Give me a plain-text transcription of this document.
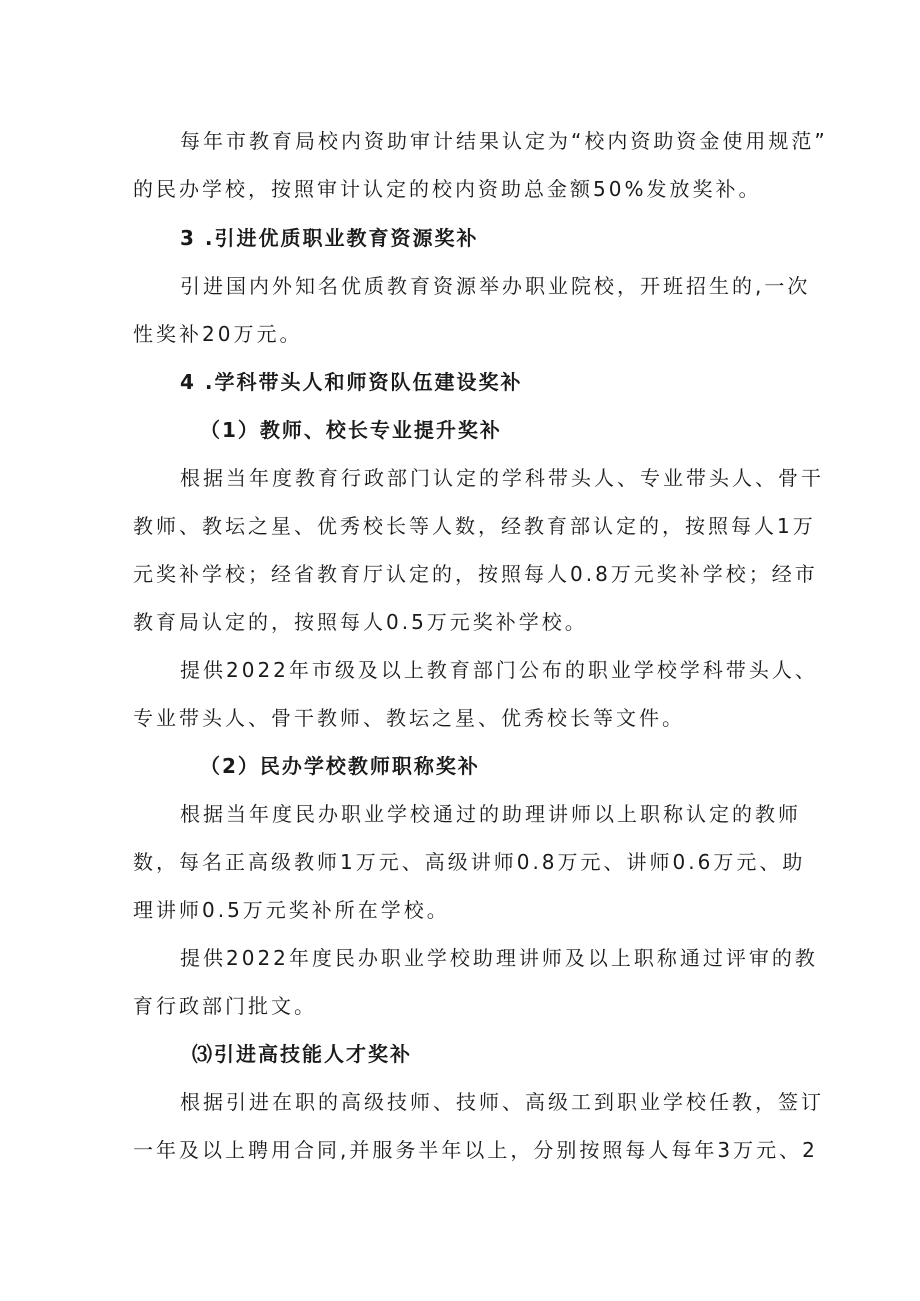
每年市教育局校内资助审计结果认定为“校内资助资金使用规范”
的民办学校，按照审计认定的校内资助总金额50%发放奖补。
3 .引进优质职业教育资源奖补
引进国内外知名优质教育资源举办职业院校，开班招生的,一次
性奖补20万元。
4 .学科带头人和师资队伍建设奖补
（1）教师、校长专业提升奖补
根据当年度教育行政部门认定的学科带头人、专业带头人、骨干
教师、教坛之星、优秀校长等人数，经教育部认定的，按照每人1万
元奖补学校；经省教育厅认定的，按照每人0.8万元奖补学校；经市
教育局认定的，按照每人0.5万元奖补学校。
提供2022年市级及以上教育部门公布的职业学校学科带头人、
专业带头人、骨干教师、教坛之星、优秀校长等文件。
（2）民办学校教师职称奖补
根据当年度民办职业学校通过的助理讲师以上职称认定的教师
数，每名正高级教师1万元、高级讲师0.8万元、讲师0.6万元、助
理讲师0.5万元奖补所在学校。
提供2022年度民办职业学校助理讲师及以上职称通过评审的教
育行政部门批文。
⑶引进高技能人才奖补
根据引进在职的高级技师、技师、高级工到职业学校任教，签订
一年及以上聘用合同,并服务半年以上，分别按照每人每年3万元、2
